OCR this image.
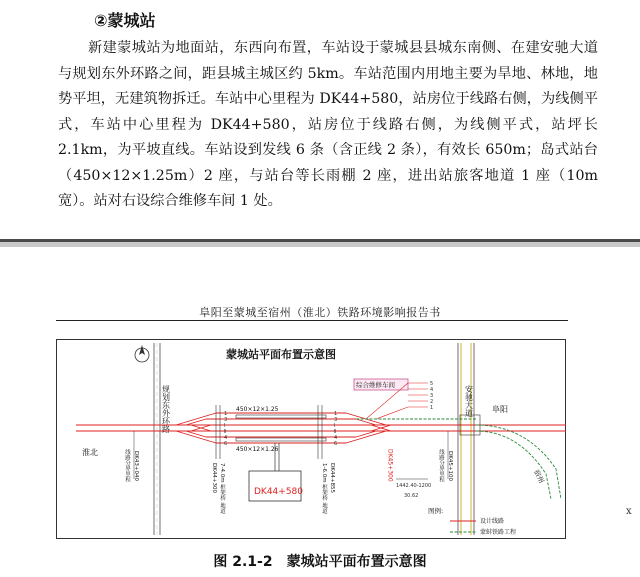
②蒙城站
新建蒙城站为地面站，东西向布置，车站设于蒙城县县城东南侧、在建安驰大道与规划东外环路之间，距县城主城区约 5km。车站范围内用地主要为旱地、林地，地势平坦，无建筑物拆迁。车站中心里程为 DK44+580，站房位于线路右侧，为线侧平式，车站中心里程为 DK44+580，站房位于线路右侧，为线侧平式，站坪长 2.1km，为平坡直线。车站设到发线 6 条（含正线 2 条），有效长 650m；岛式站台（450×12×1.25m）2 座，与站台等长雨棚 2 座，进出站旅客地道 1 座（10m 宽）。站对右设综合维修车间 1 处。
阜阳至蒙城至宿州（淮北）铁路环境影响报告书
蒙城站平面布置示意图
规划东外环路	安驰大道
450×12×1.25
450×12×1.26
1
3
Ⅰ
Ⅱ
4
6
1
3
Ⅰ
Ⅱ
4
6
DK44+580
7-4.0m 框架桥 地道
DK44+300	1-6.0m 框架桥 地道 DK44+855
综合维修车间	5
4
3
2
1
淮北
阜阳
宿州
线路分界里程 DK43+040	线路分界里程 DK45+100
DK45+300
1442.40-1200
30.62
图例:
设计线路
蒙蚌铁路工程
图 2.1-2 蒙城站平面布置示意图
x
